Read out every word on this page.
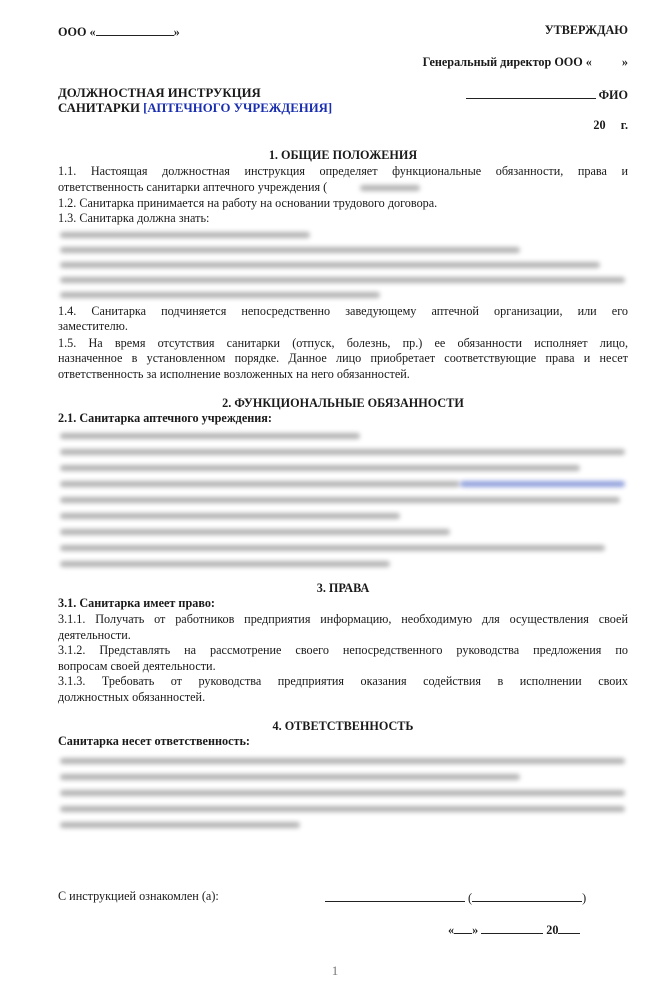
ООО «	»	УТВЕРЖДАЮ
Генеральный директор ООО « »
ФИО
20     г.
ДОЛЖНОСТНАЯ ИНСТРУКЦИЯ
САНИТАРКИ [АПТЕЧНОГО УЧРЕЖДЕНИЯ]
1. ОБЩИЕ ПОЛОЖЕНИЯ
1.1. Настоящая должностная инструкция определяет функциональные обязанности, права и
ответственность санитарки аптечного учреждения (
1.2. Санитарка принимается на работу на основании трудового договора.
1.3. Санитарка должна знать:
1.4. Санитарка подчиняется непосредственно заведующему аптечной организации, или его
заместителю.
1.5. На время отсутствия санитарки (отпуск, болезнь, пр.) ее обязанности исполняет лицо,
назначенное в установленном порядке. Данное лицо приобретает соответствующие права и несет
ответственность за исполнение возложенных на него обязанностей.
2. ФУНКЦИОНАЛЬНЫЕ ОБЯЗАННОСТИ
2.1. Санитарка аптечного учреждения:
3. ПРАВА
3.1. Санитарка имеет право:
3.1.1. Получать от работников предприятия информацию, необходимую для осуществления своей
деятельности.
3.1.2. Представлять на рассмотрение своего непосредственного руководства предложения по
вопросам своей деятельности.
3.1.3. Требовать от руководства предприятия оказания содействия в исполнении своих
должностных обязанностей.
4. ОТВЕТСТВЕННОСТЬ
Санитарка несет ответственность:
С инструкцией ознакомлен (а):	(	)
« »	20
1
